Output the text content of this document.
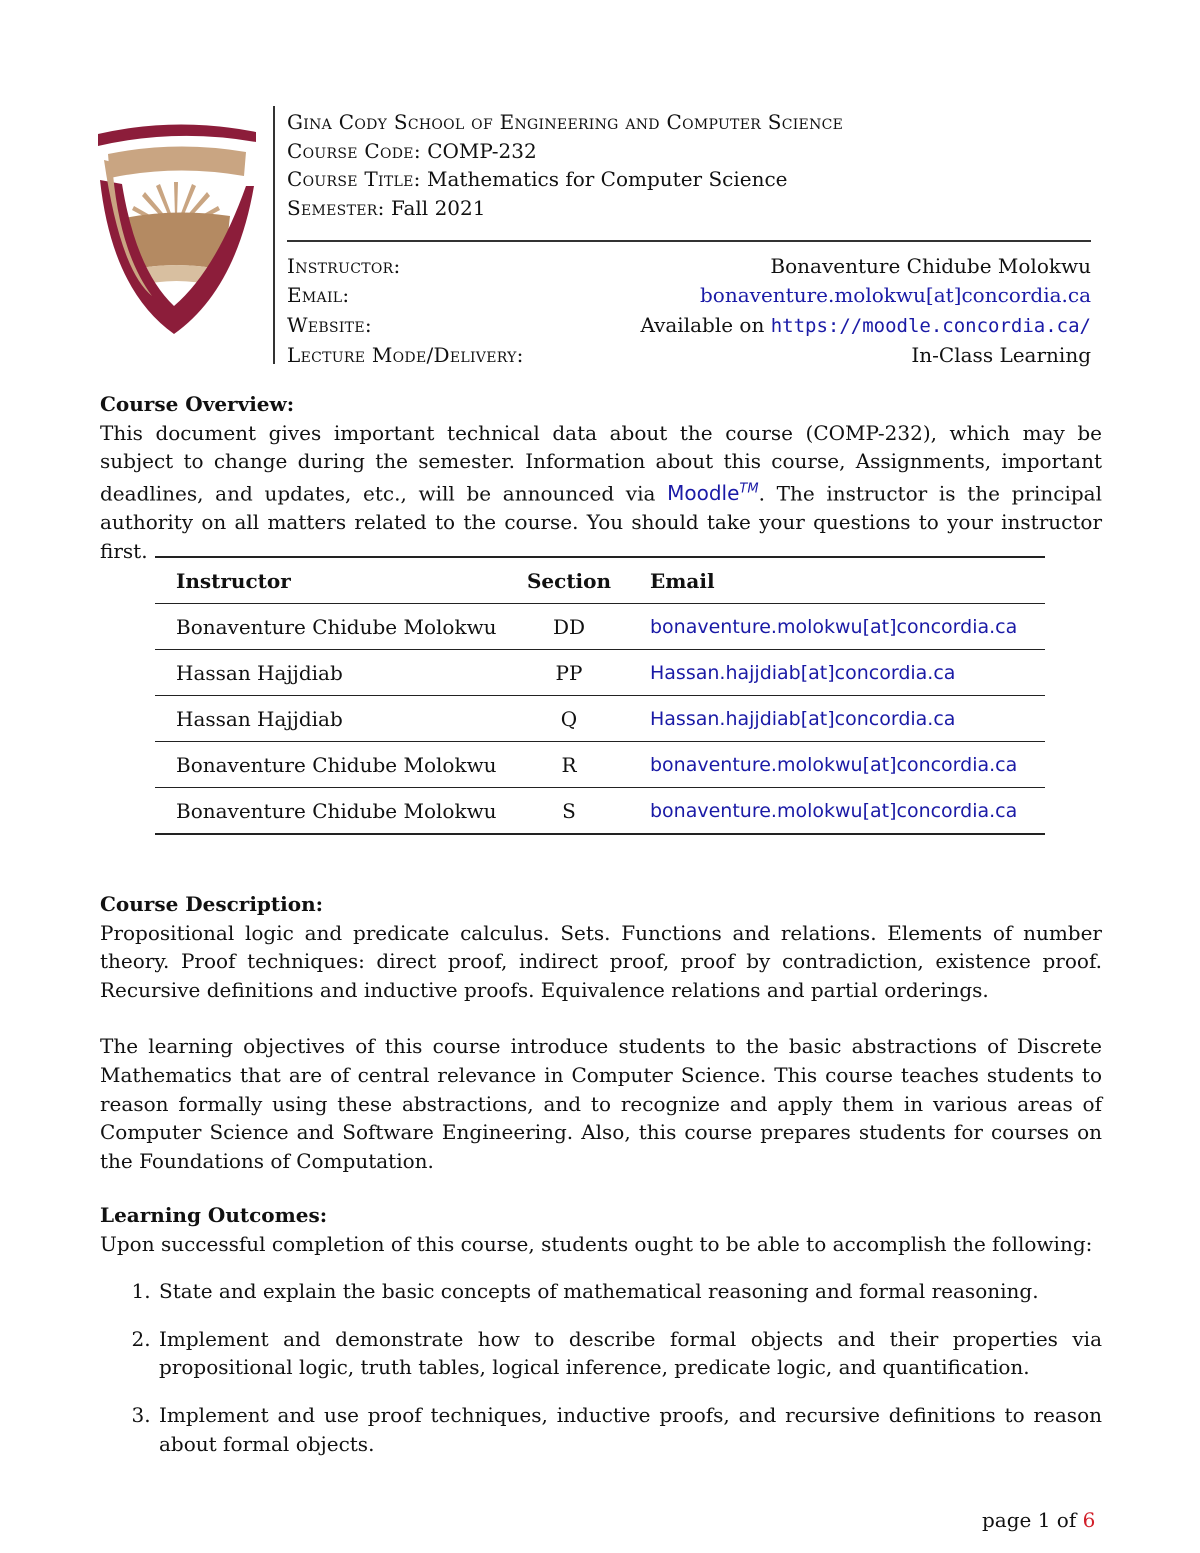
Gina Cody School of Engineering and Computer Science
Course Code: COMP-232
Course Title: Mathematics for Computer Science
Semester: Fall 2021
Instructor:	Bonaventure Chidube Molokwu
Email:	bonaventure.molokwu[at]concordia.ca
Website:	Available on https://moodle.concordia.ca/
Lecture Mode/Delivery:	In-Class Learning
Course Overview:
This document gives important technical data about the course (COMP-232), which may be subject to change during the semester. Information about this course, Assignments, important deadlines, and updates, etc., will be announced via Moodle™. The instructor is the principal authority on all matters related to the course. You should take your questions to your instructor first.
Instructor	Section	Email
Bonaventure Chidube Molokwu	DD	bonaventure.molokwu[at]concordia.ca
Hassan Hajjdiab	PP	Hassan.hajjdiab[at]concordia.ca
Hassan Hajjdiab	Q	Hassan.hajjdiab[at]concordia.ca
Bonaventure Chidube Molokwu	R	bonaventure.molokwu[at]concordia.ca
Bonaventure Chidube Molokwu	S	bonaventure.molokwu[at]concordia.ca
Course Description:
Propositional logic and predicate calculus. Sets. Functions and relations. Elements of number theory. Proof techniques: direct proof, indirect proof, proof by contradiction, existence proof. Recursive definitions and inductive proofs. Equivalence relations and partial orderings.
The learning objectives of this course introduce students to the basic abstractions of Discrete Mathematics that are of central relevance in Computer Science. This course teaches students to reason formally using these abstractions, and to recognize and apply them in various areas of Computer Science and Software Engineering. Also, this course prepares students for courses on the Foundations of Computation.
Learning Outcomes:
Upon successful completion of this course, students ought to be able to accomplish the following:
1. State and explain the basic concepts of mathematical reasoning and formal reasoning.
2. Implement and demonstrate how to describe formal objects and their properties via propositional logic, truth tables, logical inference, predicate logic, and quantification.
3. Implement and use proof techniques, inductive proofs, and recursive definitions to reason about formal objects.
page 1 of 6
